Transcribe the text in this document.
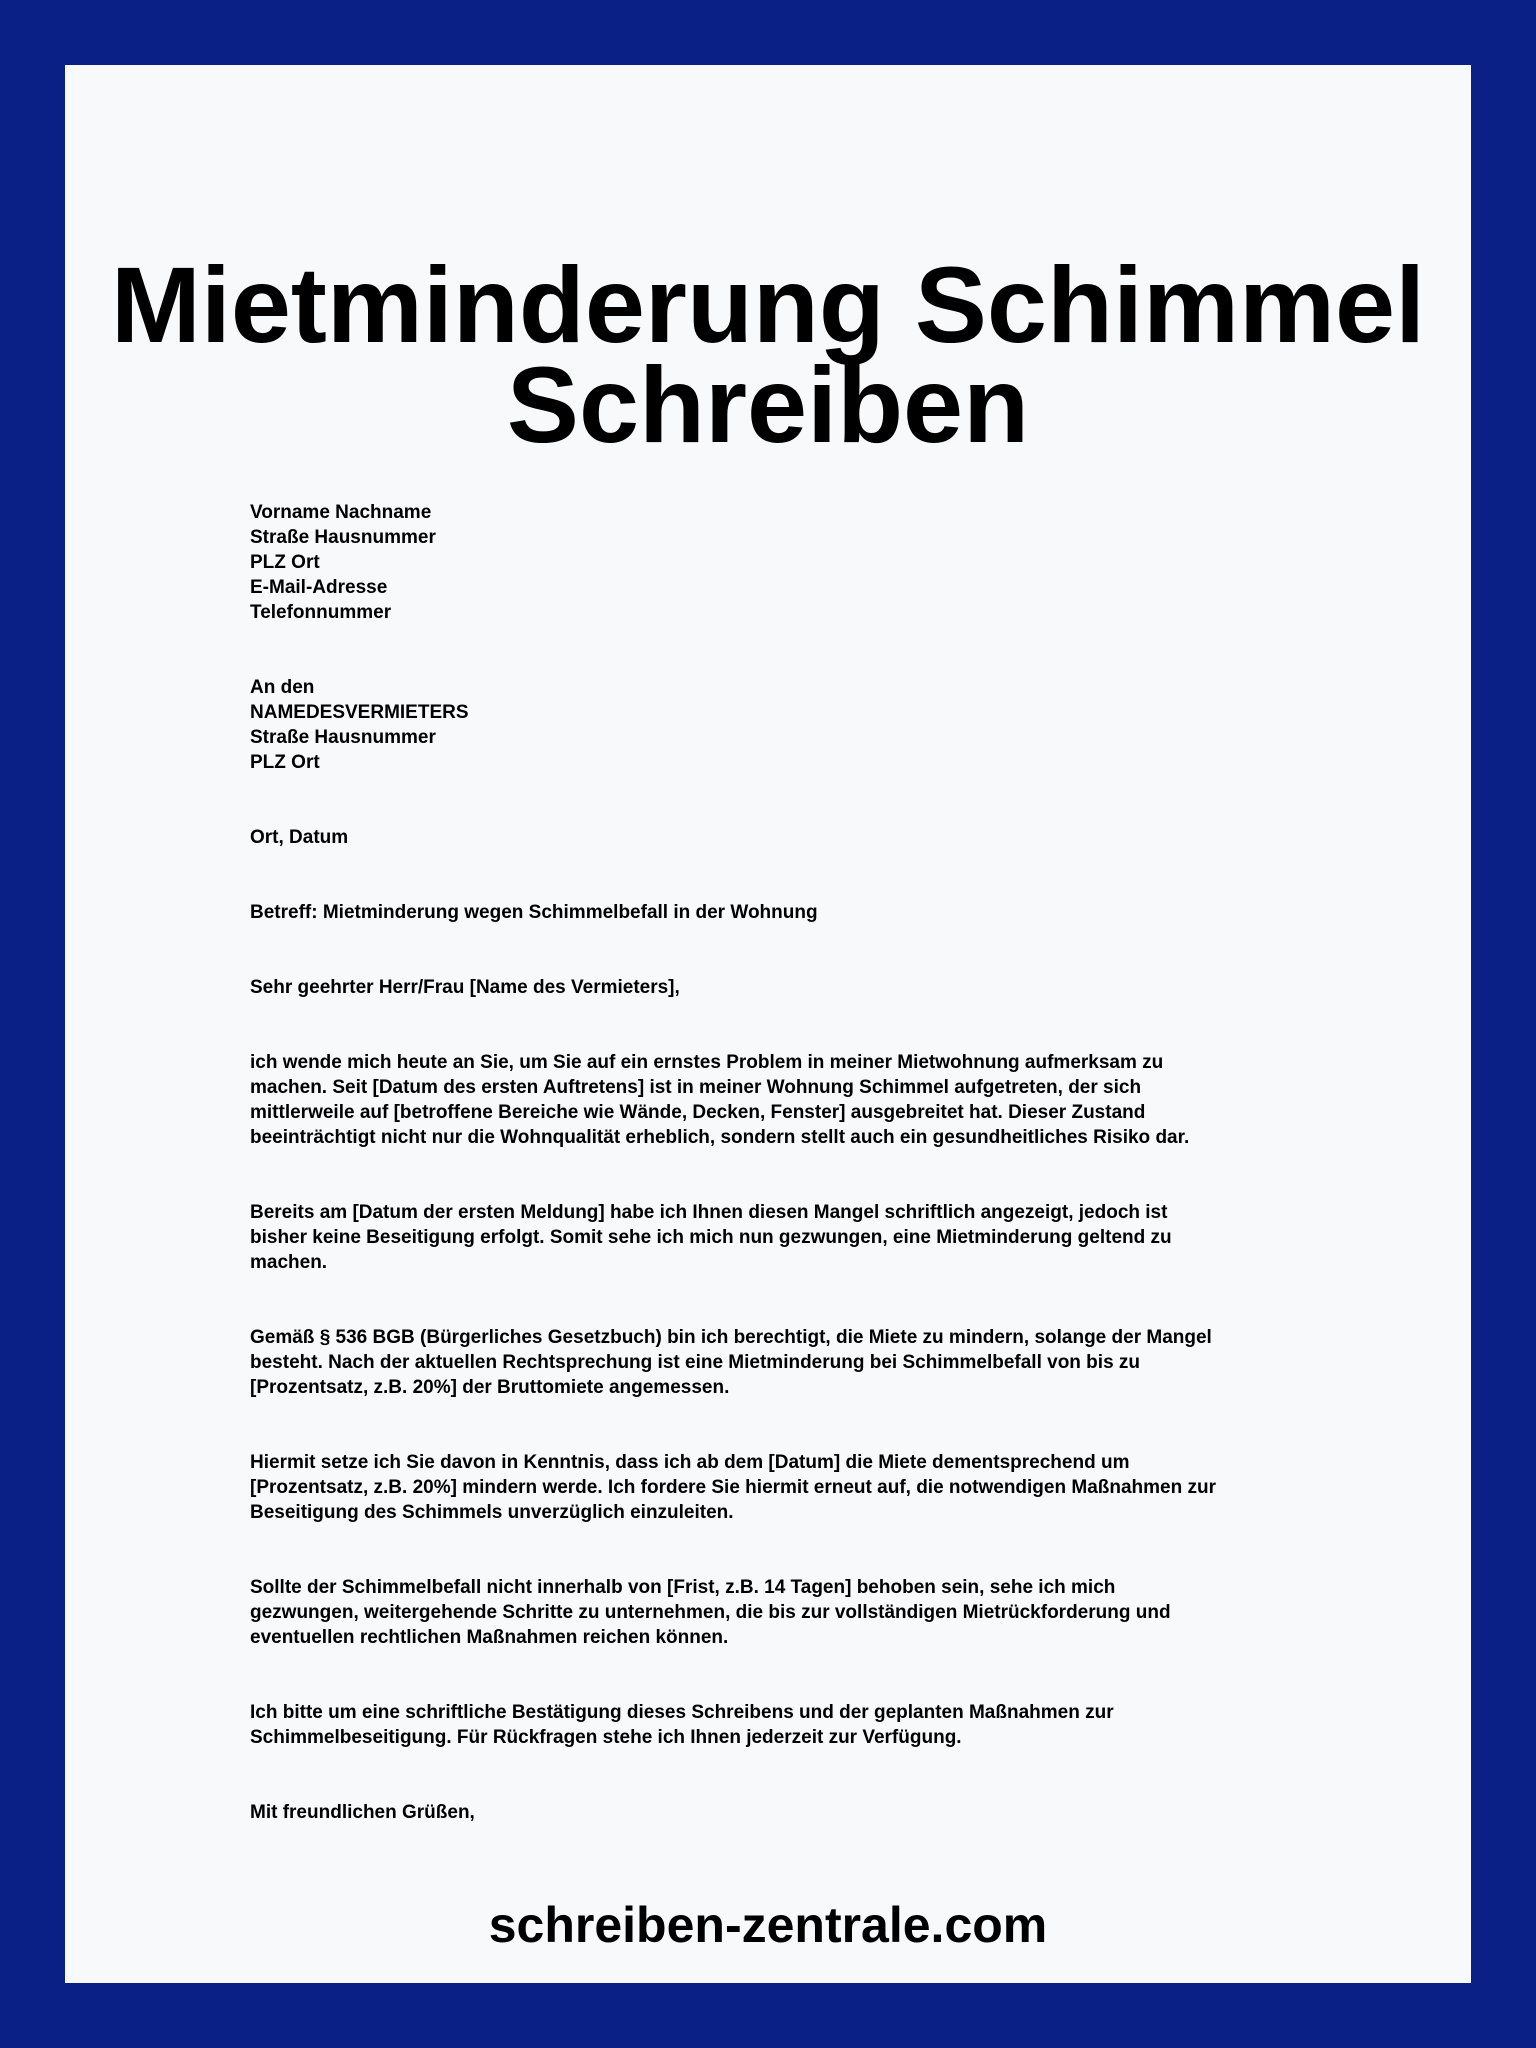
Mietminderung Schimmel
Schreiben

Vorname Nachname

Straße Hausnummer

PLZ Ort

E-Mail-Adresse

Telefonnummer

An den

NAMEDESVERMIETERS

Straße Hausnummer

PLZ Ort

Ort, Datum

Betreff: Mietminderung wegen Schimmelbefall in der Wohnung

Sehr geehrter Herr/Frau [Name des Vermieters],

ich wende mich heute an Sie, um Sie auf ein ernstes Problem in meiner Mietwohnung aufmerksam zu

machen. Seit [Datum des ersten Auftretens] ist in meiner Wohnung Schimmel aufgetreten, der sich

mittlerweile auf [betroffene Bereiche wie Wände, Decken, Fenster] ausgebreitet hat. Dieser Zustand

beeinträchtigt nicht nur die Wohnqualität erheblich, sondern stellt auch ein gesundheitliches Risiko dar.

Bereits am [Datum der ersten Meldung] habe ich Ihnen diesen Mangel schriftlich angezeigt, jedoch ist

bisher keine Beseitigung erfolgt. Somit sehe ich mich nun gezwungen, eine Mietminderung geltend zu

machen.

Gemäß § 536 BGB (Bürgerliches Gesetzbuch) bin ich berechtigt, die Miete zu mindern, solange der Mangel

besteht. Nach der aktuellen Rechtsprechung ist eine Mietminderung bei Schimmelbefall von bis zu

[Prozentsatz, z.B. 20%] der Bruttomiete angemessen.

Hiermit setze ich Sie davon in Kenntnis, dass ich ab dem [Datum] die Miete dementsprechend um

[Prozentsatz, z.B. 20%] mindern werde. Ich fordere Sie hiermit erneut auf, die notwendigen Maßnahmen zur

Beseitigung des Schimmels unverzüglich einzuleiten.

Sollte der Schimmelbefall nicht innerhalb von [Frist, z.B. 14 Tagen] behoben sein, sehe ich mich

gezwungen, weitergehende Schritte zu unternehmen, die bis zur vollständigen Mietrückforderung und

eventuellen rechtlichen Maßnahmen reichen können.

Ich bitte um eine schriftliche Bestätigung dieses Schreibens und der geplanten Maßnahmen zur

Schimmelbeseitigung. Für Rückfragen stehe ich Ihnen jederzeit zur Verfügung.

Mit freundlichen Grüßen,

schreiben-zentrale.com
